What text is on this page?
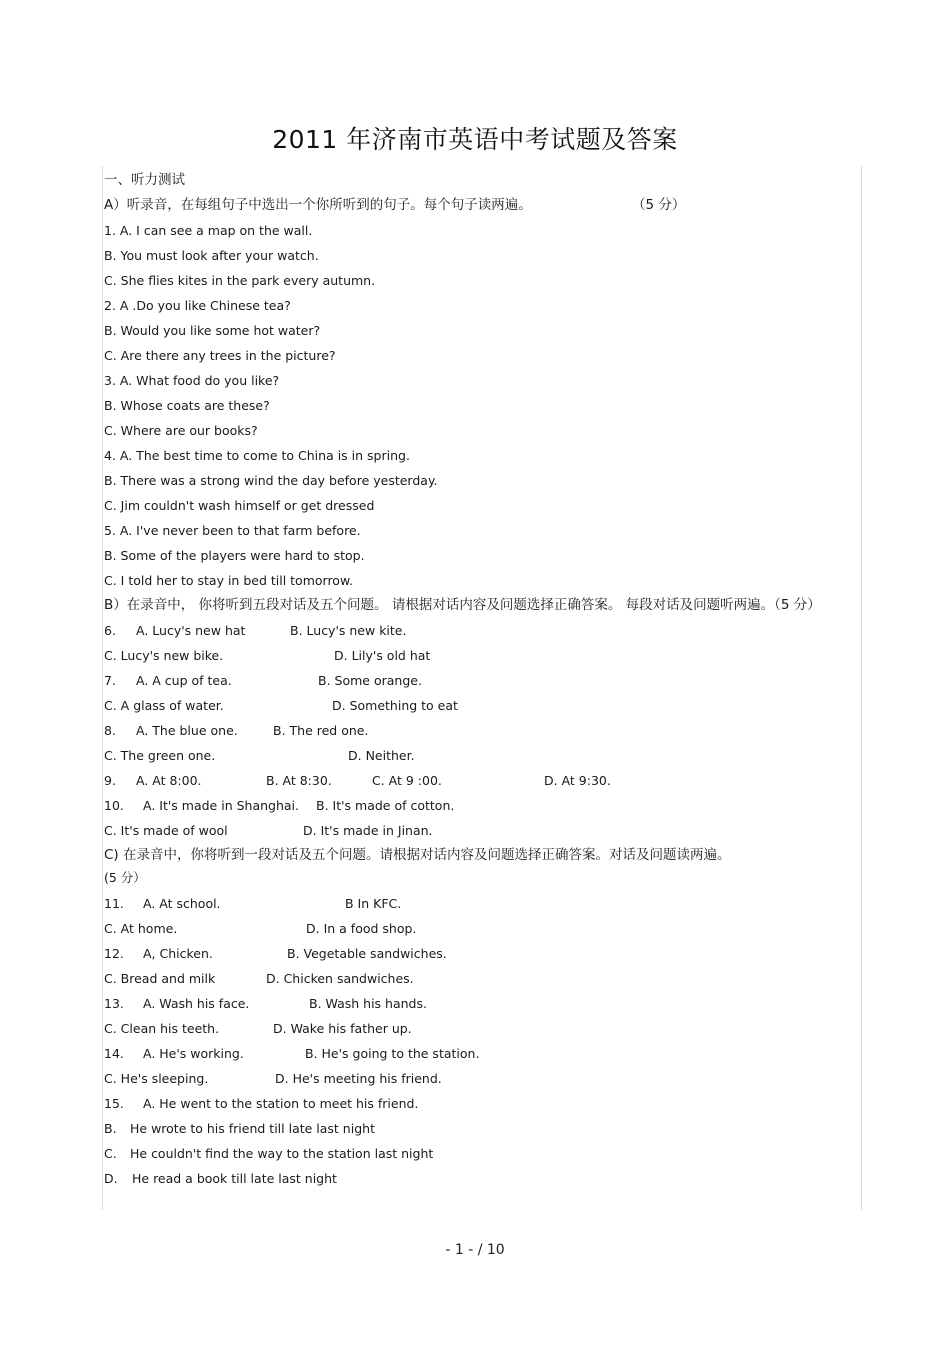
2011 年济南市英语中考试题及答案
一、听力测试
A）听录音，在每组句子中选出一个你所听到的句子。每个句子读两遍。	（5 分）
1. A. I can see a map on the wall.
B. You must look after your watch.
C. She flies kites in the park every autumn.
2. A .Do you like Chinese tea?
B. Would you like some hot water?
C. Are there any trees in the picture?
3. A. What food do you like?
B. Whose coats are these?
C. Where are our books?
4. A. The best time to come to China is in spring.
B. There was a strong wind the day before yesterday.
C. Jim couldn't wash himself or get dressed
5. A. I've never been to that farm before.
B. Some of the players were hard to stop.
C. I told her to stay in bed till tomorrow.
B）在录音中， 你将听到五段对话及五个问题。 请根据对话内容及问题选择正确答案。 每段对话及问题听两遍。（5 分）
6. A. Lucy's new hat	B. Lucy's new kite.
C. Lucy's new bike.	D. Lily's old hat
7. A. A cup of tea.	B. Some orange.
C. A glass of water.	D. Something to eat
8. A. The blue one.	B. The red one.
C. The green one.	D. Neither.
9. A. At 8:00.	B. At 8:30.	C. At 9 :00.	D. At 9:30.
10. A. It's made in Shanghai. B. It's made of cotton.
C. It's made of wool	D. It's made in Jinan.
C) 在录音中，你将听到一段对话及五个问题。请根据对话内容及问题选择正确答案。对话及问题读两遍。
(5 分）
11. A. At school.	B In KFC.
C. At home.	D. In a food shop.
12. A, Chicken.	B. Vegetable sandwiches.
C. Bread and milk	D. Chicken sandwiches.
13. A. Wash his face.	B. Wash his hands.
C. Clean his teeth.	D. Wake his father up.
14. A. He's working.	B. He's going to the station.
C. He's sleeping.	D. He's meeting his friend.
15. A. He went to the station to meet his friend.
B. He wrote to his friend till late last night
C. He couldn't find the way to the station last night
D. He read a book till late last night
- 1 - / 10
